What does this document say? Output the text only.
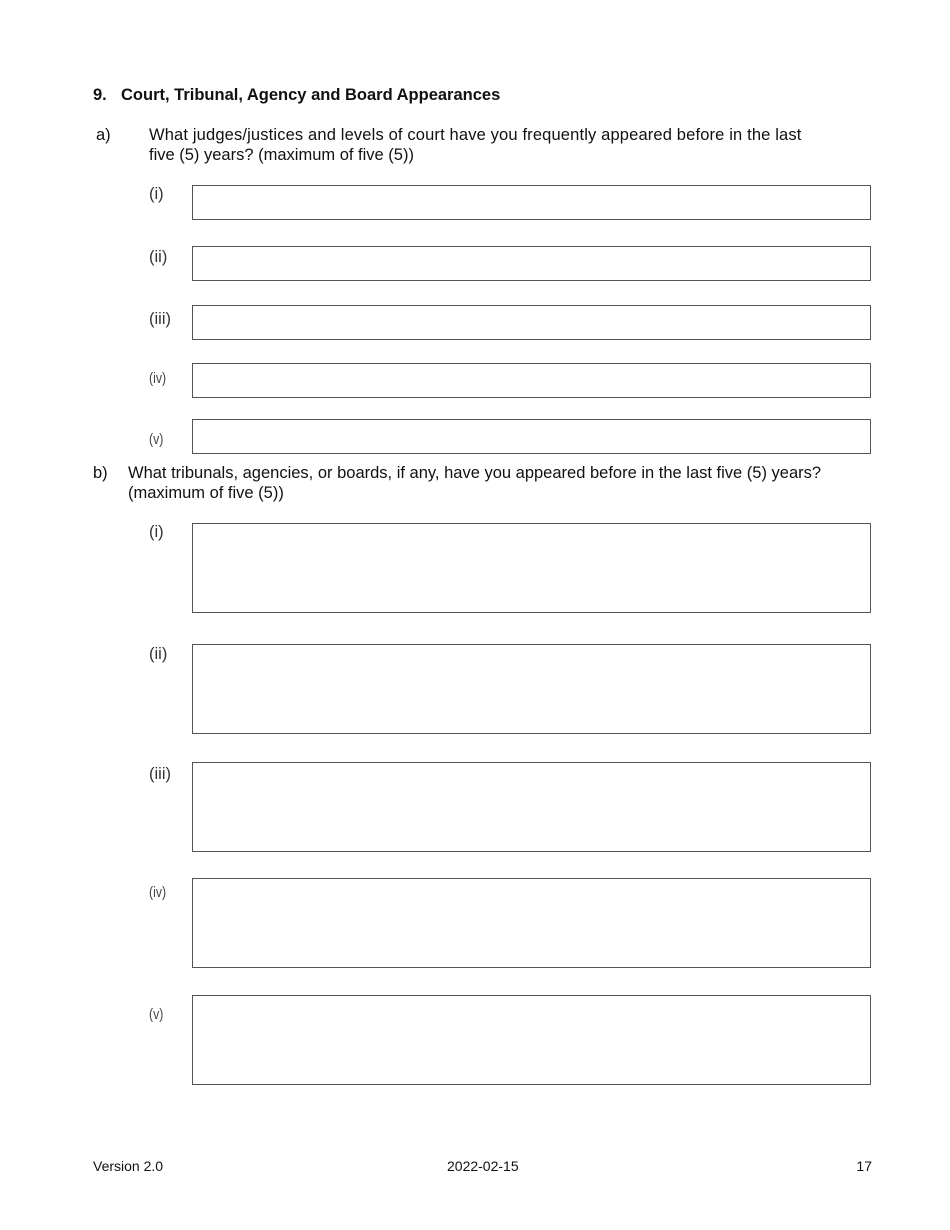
9. Court, Tribunal, Agency and Board Appearances
a) What judges/justices and levels of court have you frequently appeared before in the last
five (5) years? (maximum of five (5))
(i)
(ii)
(iii)
(iv)
(v)
b) What tribunals, agencies, or boards, if any, have you appeared before in the last five (5) years?
(maximum of five (5))
(i)
(ii)
(iii)
(iv)
(v)
Version 2.0	2022-02-15	17
